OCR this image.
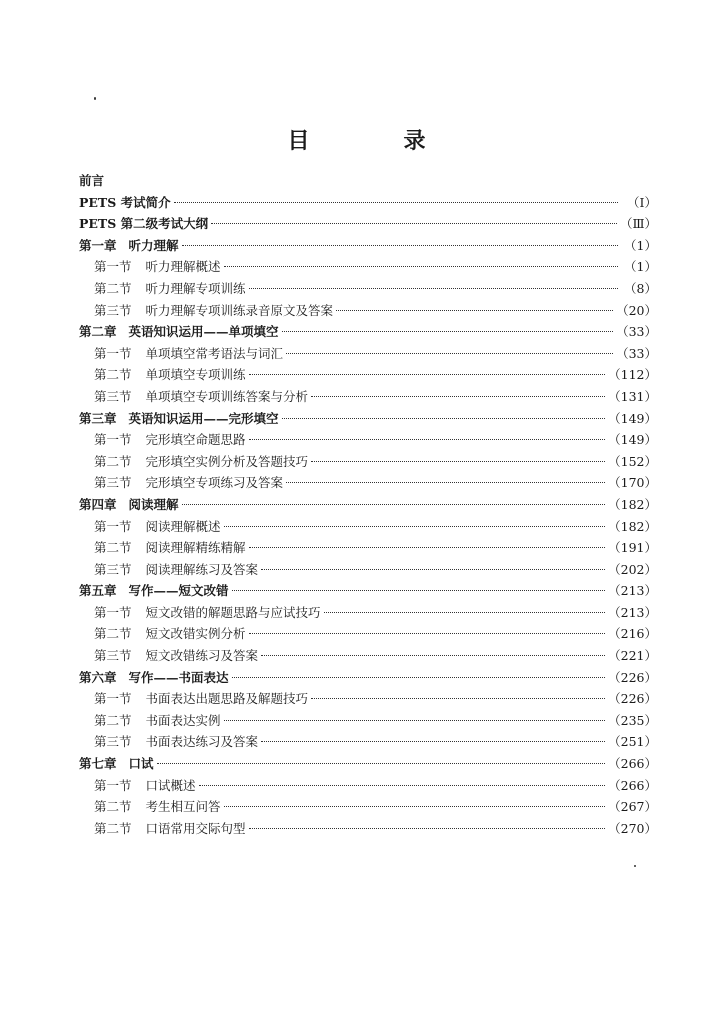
目　录
前言
PETS 考试简介	（Ⅰ）
PETS 第二级考试大纲	（Ⅲ）
第一章 听力理解	（1）
第一节 听力理解概述	（1）
第二节 听力理解专项训练	（8）
第三节 听力理解专项训练录音原文及答案	（20）
第二章 英语知识运用——单项填空	（33）
第一节 单项填空常考语法与词汇	（33）
第二节 单项填空专项训练	（112）
第三节 单项填空专项训练答案与分析	（131）
第三章 英语知识运用——完形填空	（149）
第一节 完形填空命题思路	（149）
第二节 完形填空实例分析及答题技巧	（152）
第三节 完形填空专项练习及答案	（170）
第四章 阅读理解	（182）
第一节 阅读理解概述	（182）
第二节 阅读理解精练精解	（191）
第三节 阅读理解练习及答案	（202）
第五章 写作——短文改错	（213）
第一节 短文改错的解题思路与应试技巧	（213）
第二节 短文改错实例分析	（216）
第三节 短文改错练习及答案	（221）
第六章 写作——书面表达	（226）
第一节 书面表达出题思路及解题技巧	（226）
第二节 书面表达实例	（235）
第三节 书面表达练习及答案	（251）
第七章 口试	（266）
第一节 口试概述	（266）
第二节 考生相互问答	（267）
第二节 口语常用交际句型	（270）
